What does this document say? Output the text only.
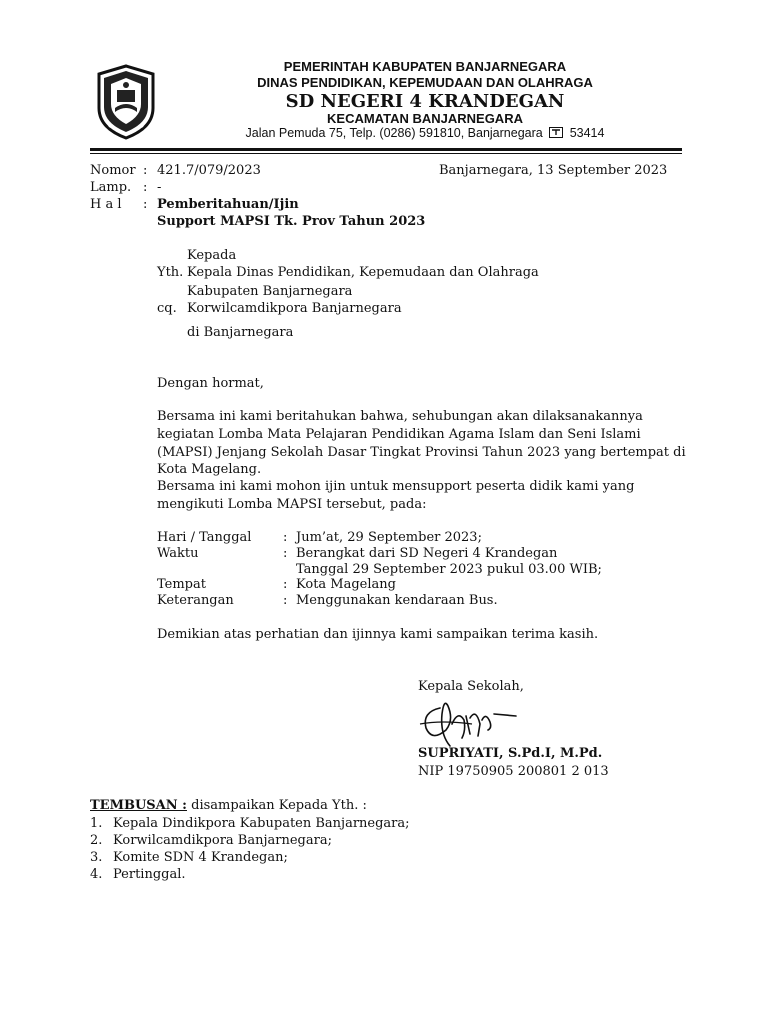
PEMERINTAH KABUPATEN BANJARNEGARA
DINAS PENDIDIKAN, KEPEMUDAAN DAN OLAHRAGA
SD NEGERI 4 KRANDEGAN
KECAMATAN BANJARNEGARA
Jalan Pemuda 75, Telp. (0286) 591810, Banjarnegara 53414
Nomor : 421.7/079/2023	Banjarnegara, 13 September 2023
Lamp. : -
H a l : Pemberitahuan/Ijin
Support MAPSI Tk. Prov Tahun 2023
Kepada
Yth. Kepala Dinas Pendidikan, Kepemudaan dan Olahraga
Kabupaten Banjarnegara
cq. Korwilcamdikpora Banjarnegara
di Banjarnegara
Dengan hormat,
Bersama ini kami beritahukan bahwa, sehubungan akan dilaksanakannya
kegiatan Lomba Mata Pelajaran Pendidikan Agama Islam dan Seni Islami
(MAPSI) Jenjang Sekolah Dasar Tingkat Provinsi Tahun 2023 yang bertempat di
Kota Magelang.
Bersama ini kami mohon ijin untuk mensupport peserta didik kami yang
mengikuti Lomba MAPSI tersebut, pada:
Hari / Tanggal : Jum’at, 29 September 2023;
Waktu	: Berangkat dari SD Negeri 4 Krandegan
Tanggal 29 September 2023 pukul 03.00 WIB;
Tempat	: Kota Magelang
Keterangan	: Menggunakan kendaraan Bus.
Demikian atas perhatian dan ijinnya kami sampaikan terima kasih.
Kepala Sekolah,
SUPRIYATI, S.Pd.I, M.Pd.
NIP 19750905 200801 2 013
TEMBUSAN : disampaikan Kepada Yth. :
1. Kepala Dindikpora Kabupaten Banjarnegara;
2. Korwilcamdikpora Banjarnegara;
3. Komite SDN 4 Krandegan;
4. Pertinggal.
